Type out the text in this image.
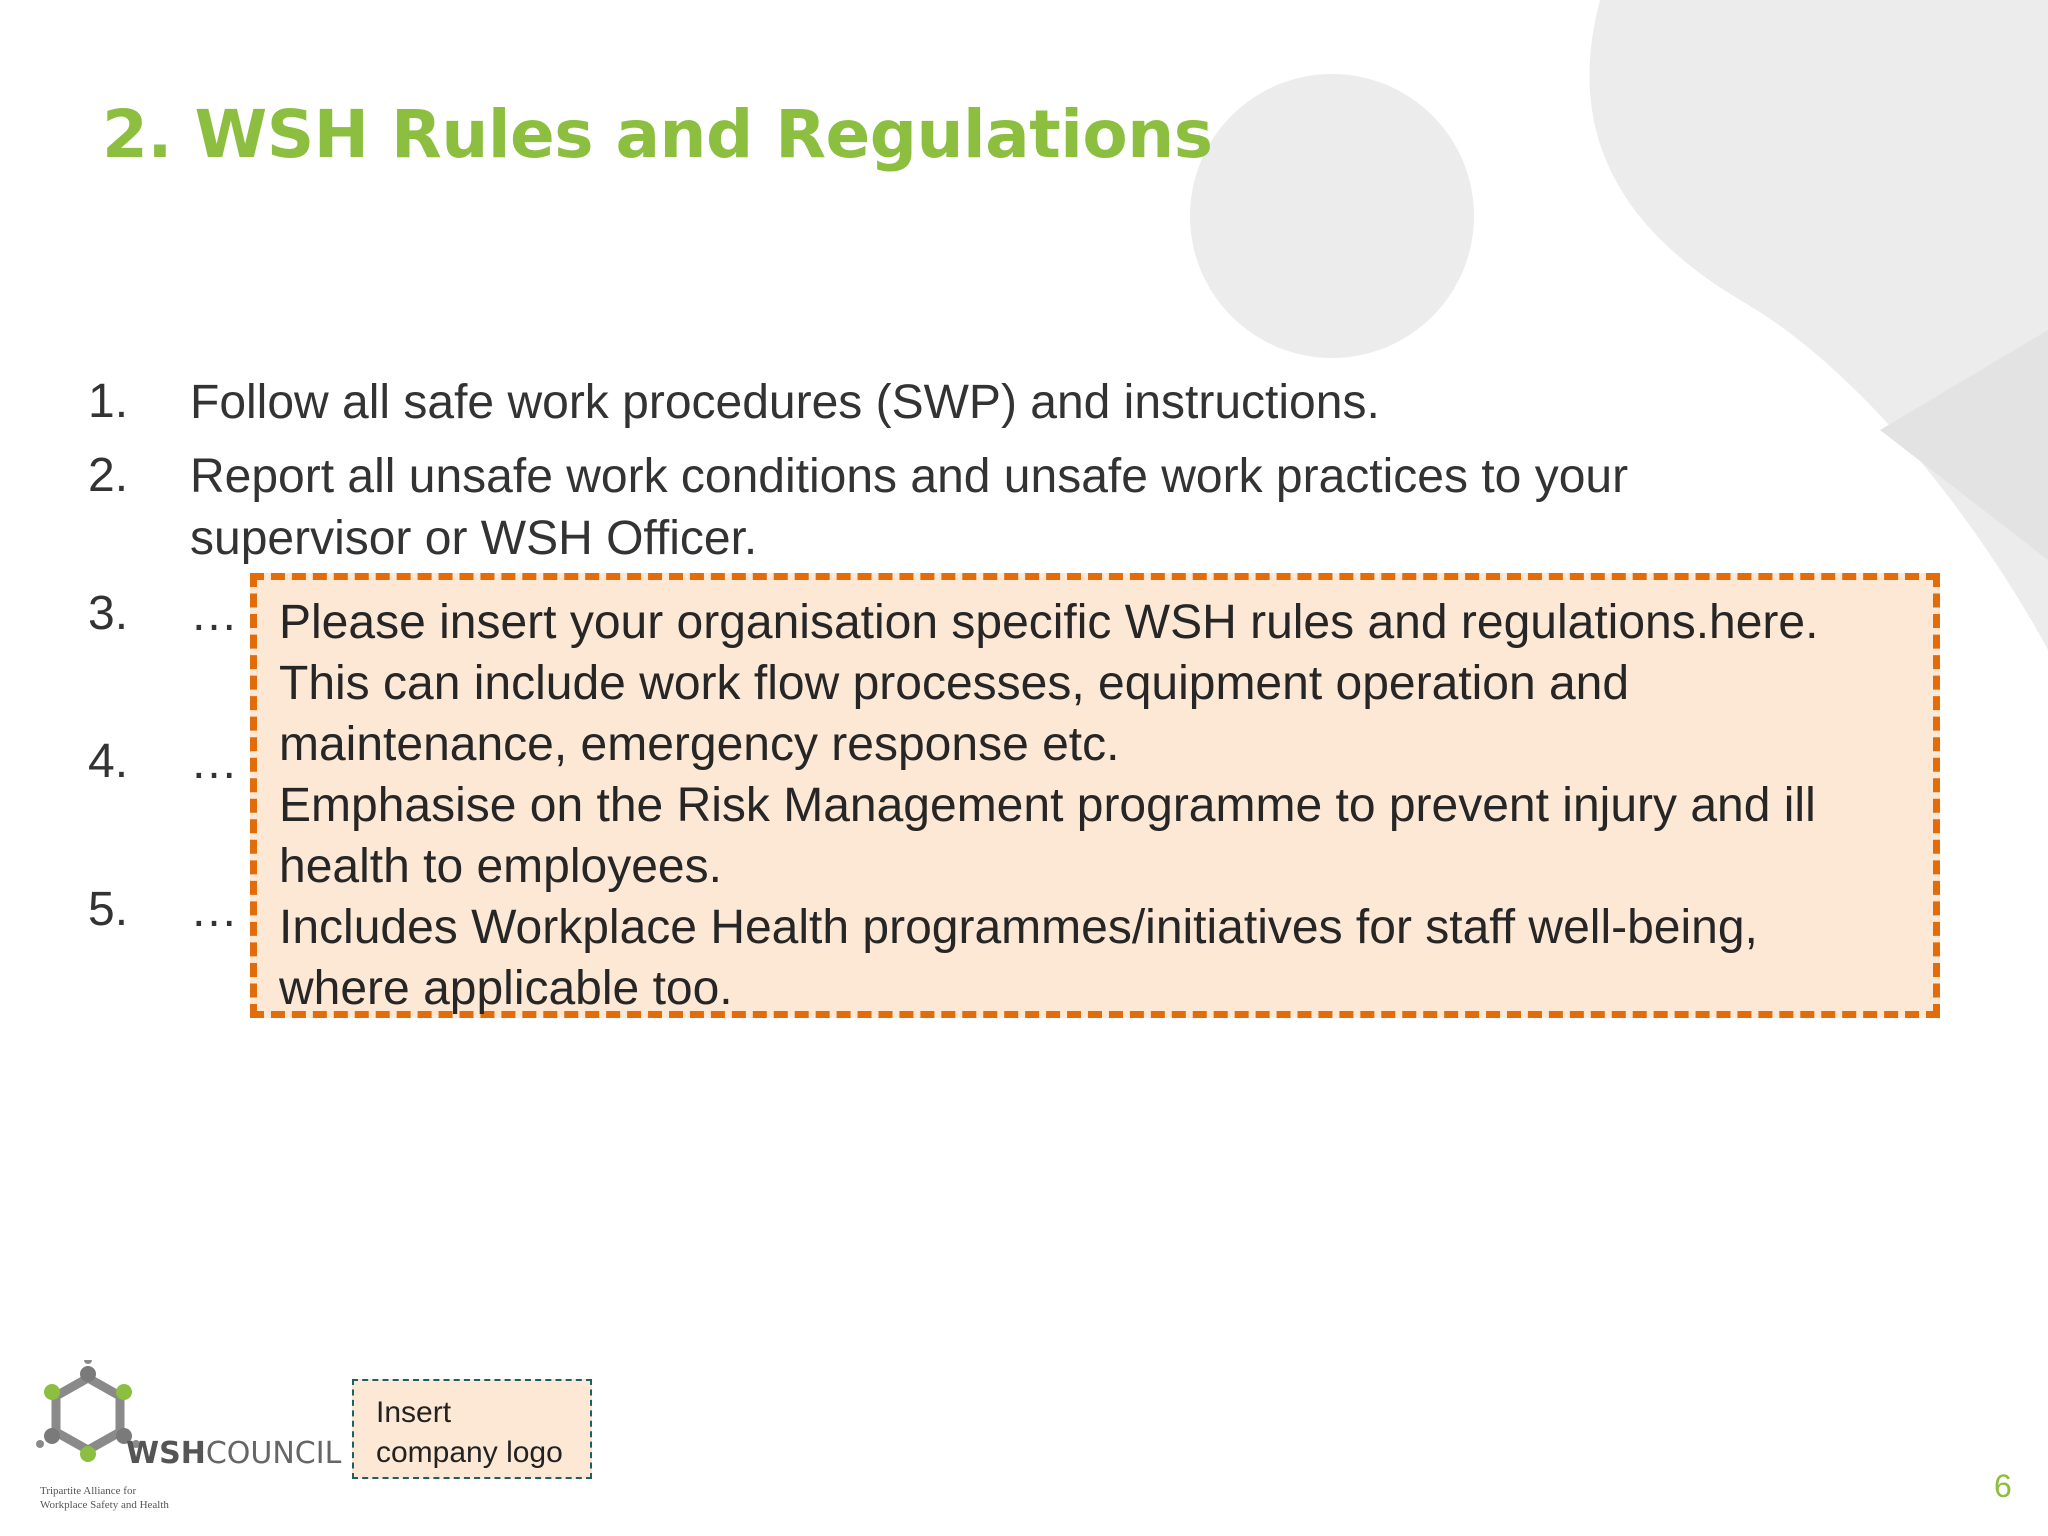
2. WSH Rules and Regulations
1. Follow all safe work procedures (SWP) and instructions.
2. Report all unsafe work conditions and unsafe work practices to your
supervisor or WSH Officer.
3. …
4. …
5. …
Please insert your organisation specific WSH rules and regulations.here.
This can include work flow processes, equipment operation and
maintenance, emergency response etc.
Emphasise on the Risk Management programme to prevent injury and ill
health to employees.
Includes Workplace Health programmes/initiatives for staff well-being,
where applicable too.
WSHCOUNCIL
Tripartite Alliance for
Workplace Safety and Health
Insert
company logo
6
